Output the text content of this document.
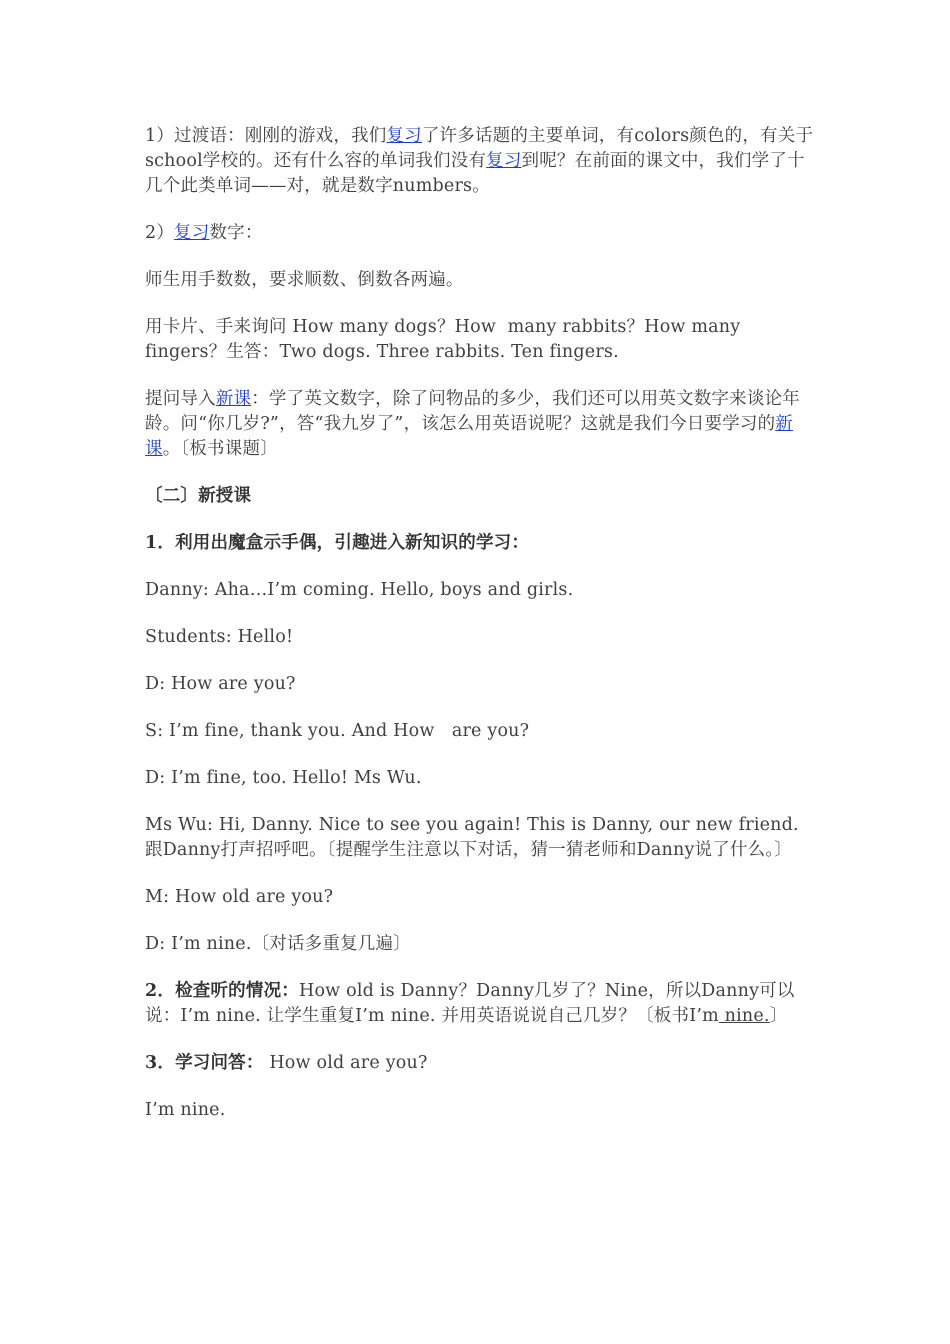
1）过渡语：刚刚的游戏，我们复习了许多话题的主要单词，有colors颜色的，有关于school学校的。还有什么容的单词我们没有复习到呢？在前面的课文中，我们学了十几个此类单词——对，就是数字numbers。

2）复习数字：

师生用手数数，要求顺数、倒数各两遍。

用卡片、手来询问 How many dogs？How  many rabbits？How many fingers？生答：Two dogs. Three rabbits. Ten fingers.

提问导入新课：学了英文数字，除了问物品的多少，我们还可以用英文数字来谈论年龄。问“你几岁?”，答“我九岁了”，该怎么用英语说呢？这就是我们今日要学习的新课。〔板书课题〕

〔二〕新授课

1．利用出魔盒示手偶，引趣进入新知识的学习：

Danny: Aha…I’m coming. Hello, boys and girls.

Students: Hello!

D: How are you?

S: I’m fine, thank you. And How   are you?

D: I’m fine, too. Hello! Ms Wu.

Ms Wu: Hi, Danny. Nice to see you again! This is Danny, our new friend. 跟Danny打声招呼吧。〔提醒学生注意以下对话，猜一猜老师和Danny说了什么。〕

M: How old are you?

D: I’m nine.〔对话多重复几遍〕

2．检查听的情况：How old is Danny？Danny几岁了？Nine，所以Danny可以说：I’m nine. 让学生重复I’m nine. 并用英语说说自己几岁？〔板书I’m nine.〕

3．学习问答： How old are you?

I’m nine.
